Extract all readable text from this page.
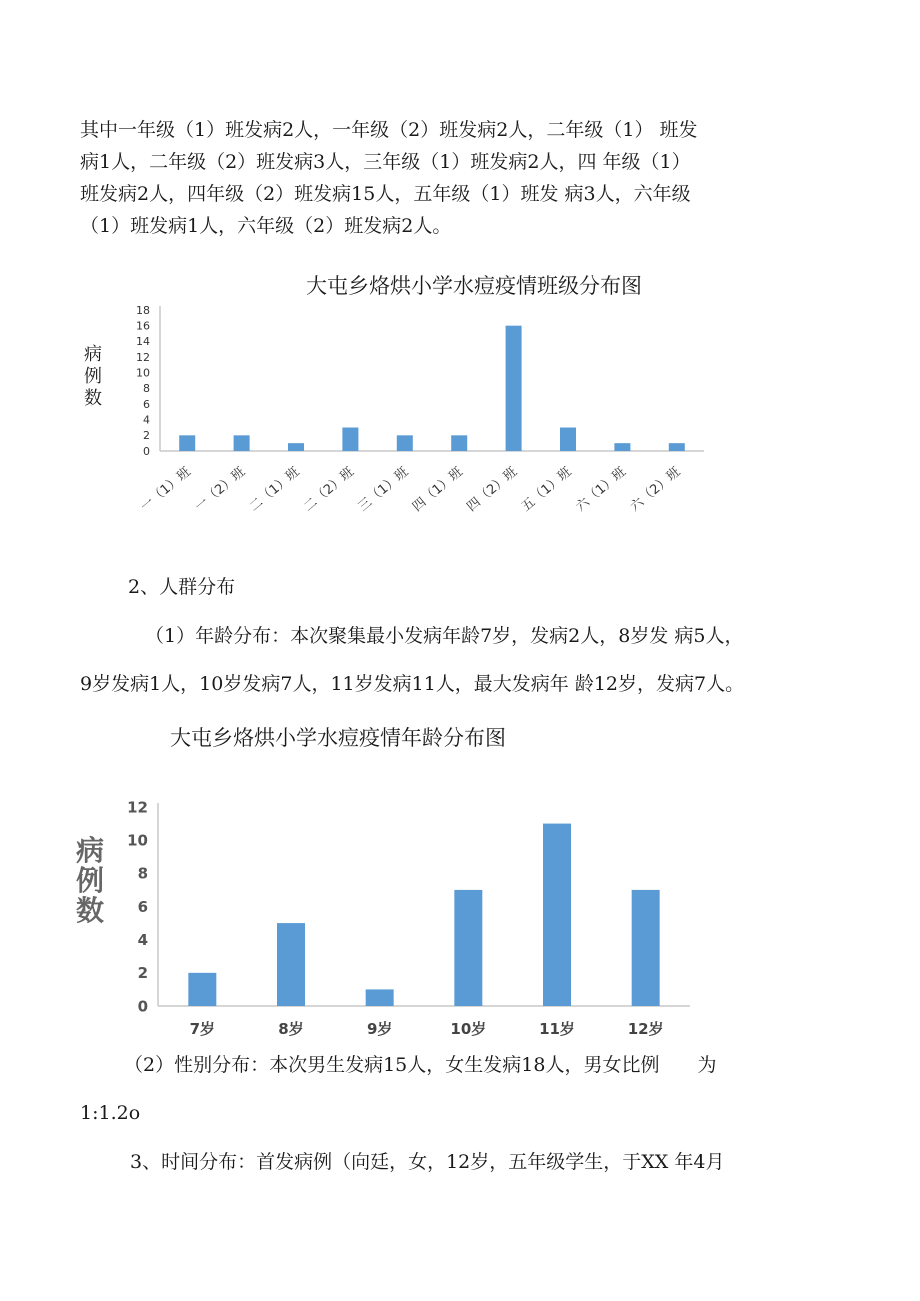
其中一年级（1）班发病2人，一年级（2）班发病2人，二年级（1） 班发
病1人，二年级（2）班发病3人，三年级（1）班发病2人，四 年级（1）
班发病2人，四年级（2）班发病15人，五年级（1）班发 病3人，六年级
（1）班发病1人，六年级（2）班发病2人。
大屯乡烙烘小学水痘疫情班级分布图
病例数
0
2
4
6
8
10
12
14
16
18
一（1）班
一（2）班
二（1）班
二（2）班
三（1）班
四（1）班
四（2）班
五（1）班
六（1）班
六（2）班
2、人群分布
（1）年龄分布：本次聚集最小发病年龄7岁，发病2人，8岁发 病5人，
9岁发病1人，10岁发病7人，11岁发病11人，最大发病年 龄12岁，发病7人。
大屯乡烙烘小学水痘疫情年龄分布图
病例数
0
2
4
6
8
10
12
7岁	8岁	9岁	10岁	11岁	12岁
（2）性别分布：本次男生发病15人，女生发病18人，男女比例　　为
1:1.2o
3、时间分布：首发病例（向廷，女，12岁，五年级学生，于XX 年4月
